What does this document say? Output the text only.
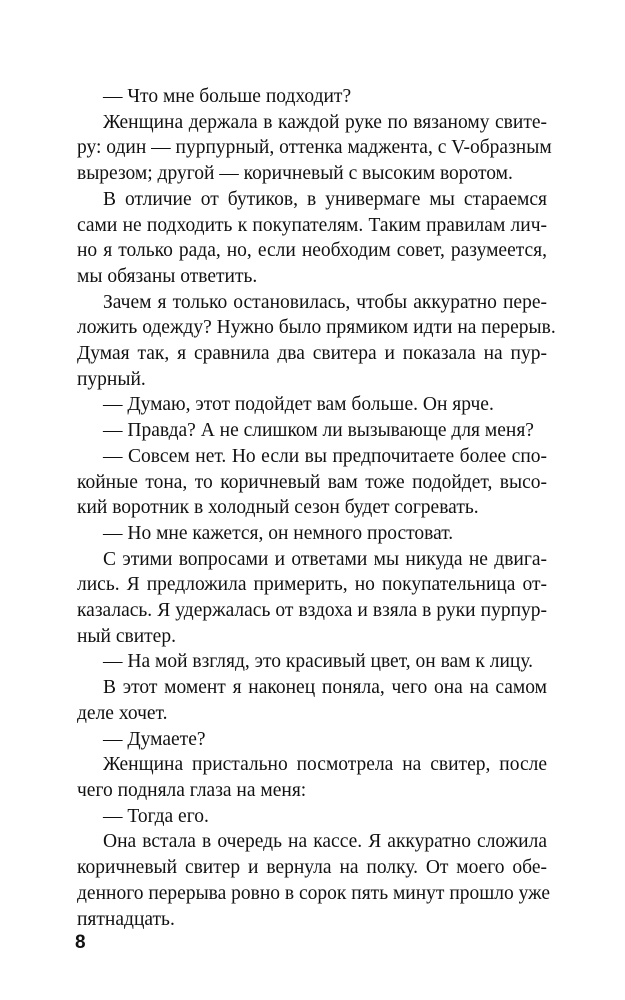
— Что мне больше подходит?
Женщина держала в каждой руке по вязаному свите-
ру: один — пурпурный, оттенка маджента, с V-образным
вырезом; другой — коричневый с высоким воротом.
В отличие от бутиков, в универмаге мы стараемся
сами не подходить к покупателям. Таким правилам лич-
но я только рада, но, если необходим совет, разумеется,
мы обязаны ответить.
Зачем я только остановилась, чтобы аккуратно пере-
ложить одежду? Нужно было прямиком идти на перерыв.
Думая так, я сравнила два свитера и показала на пур-
пурный.
— Думаю, этот подойдет вам больше. Он ярче.
— Правда? А не слишком ли вызывающе для меня?
— Совсем нет. Но если вы предпочитаете более спо-
койные тона, то коричневый вам тоже подойдет, высо-
кий воротник в холодный сезон будет согревать.
— Но мне кажется, он немного простоват.
С этими вопросами и ответами мы никуда не двига-
лись. Я предложила примерить, но покупательница от-
казалась. Я удержалась от вздоха и взяла в руки пурпур-
ный свитер.
— На мой взгляд, это красивый цвет, он вам к лицу.
В этот момент я наконец поняла, чего она на самом
деле хочет.
— Думаете?
Женщина пристально посмотрела на свитер, после
чего подняла глаза на меня:
— Тогда его.
Она встала в очередь на кассе. Я аккуратно сложила
коричневый свитер и вернула на полку. От моего обе-
денного перерыва ровно в сорок пять минут прошло уже
пятнадцать.
8
